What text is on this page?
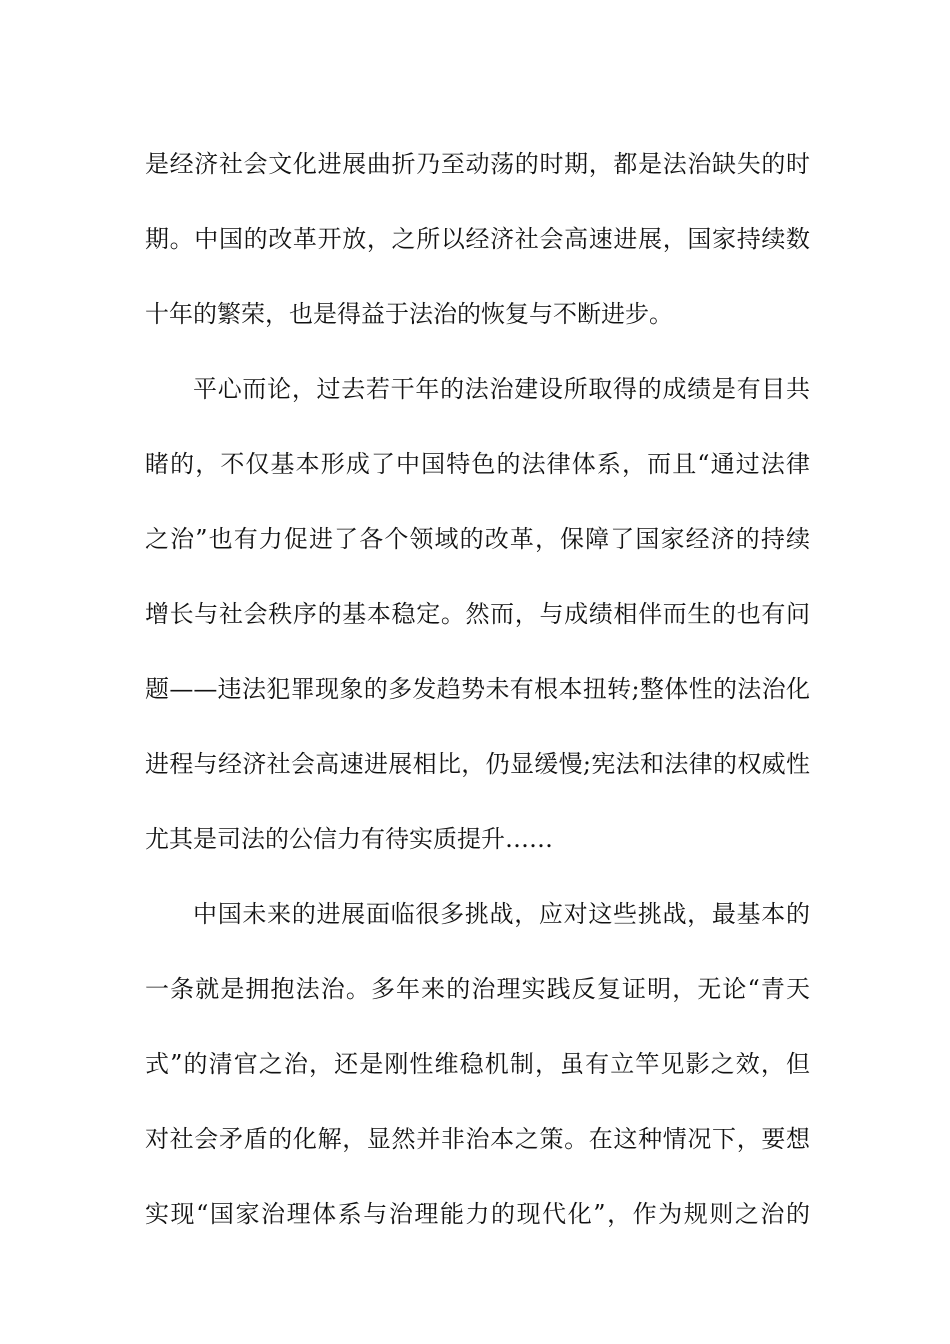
是经济社会文化进展曲折乃至动荡的时期，都是法治缺失的时
期。中国的改革开放，之所以经济社会高速进展，国家持续数
十年的繁荣，也是得益于法治的恢复与不断进步。
平心而论，过去若干年的法治建设所取得的成绩是有目共
睹的，不仅基本形成了中国特色的法律体系，而且“通过法律
之治”也有力促进了各个领域的改革，保障了国家经济的持续
增长与社会秩序的基本稳定。然而，与成绩相伴而生的也有问
题——违法犯罪现象的多发趋势未有根本扭转;整体性的法治化
进程与经济社会高速进展相比，仍显缓慢;宪法和法律的权威性
尤其是司法的公信力有待实质提升……
中国未来的进展面临很多挑战，应对这些挑战，最基本的
一条就是拥抱法治。多年来的治理实践反复证明，无论“青天
式”的清官之治，还是刚性维稳机制，虽有立竿见影之效，但
对社会矛盾的化解，显然并非治本之策。在这种情况下，要想
实现“国家治理体系与治理能力的现代化”，作为规则之治的
